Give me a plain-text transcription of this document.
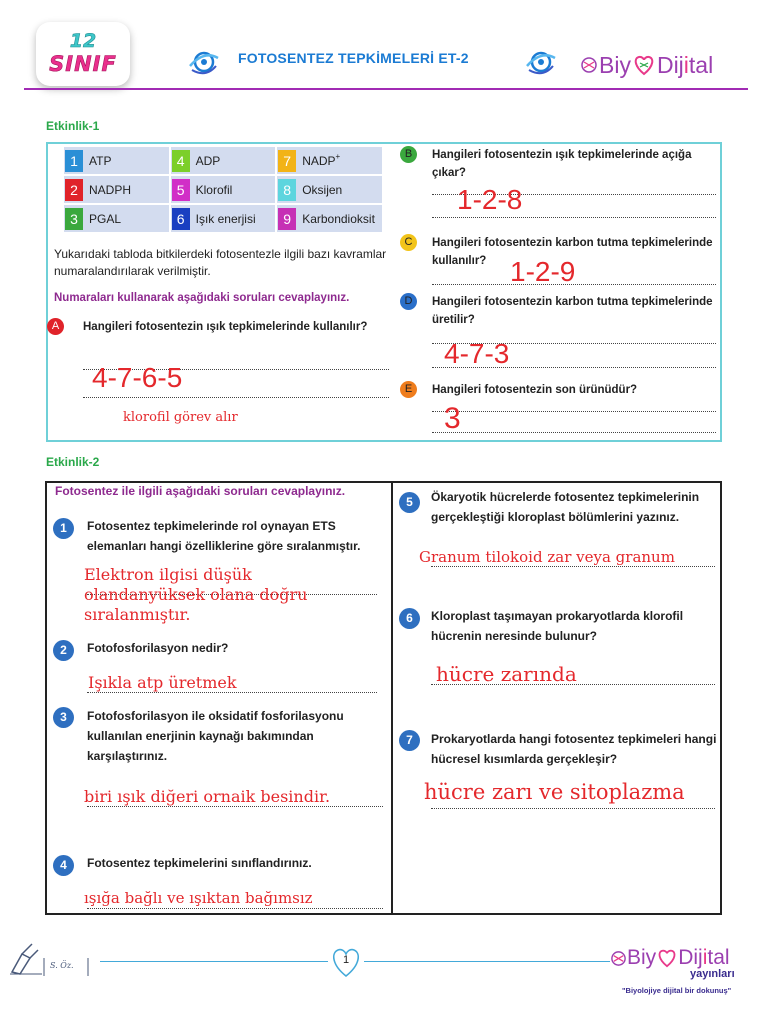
12
SINIF	FOTOSENTEZ TEPKİMELERİ ET-2	Biy Dijital
Etkinlik-1
1 ATP	4 ADP	7 NADP+
2 NADPH	5 Klorofil	8 Oksijen
3 PGAL	6 Işık enerjisi	9 Karbondioksit
Yukarıdaki tabloda bitkilerdeki fotosentezle ilgili bazı kavramlar numaralandırılarak verilmiştir.
Numaraları kullanarak aşağıdaki soruları cevaplayınız.
A	Hangileri fotosentezin ışık tepkimelerinde kullanılır?
4-7-6-5
klorofil görev alır
B	Hangileri fotosentezin ışık tepkimelerinde açığa çıkar?
1-2-8
C	Hangileri fotosentezin karbon tutma tepkimelerinde kullanılır? 1-2-9
D	Hangileri fotosentezin karbon tutma tepkimelerinde üretilir?
4-7-3
E	Hangileri fotosentezin son ürünüdür?
3
Etkinlik-2
Fotosentez ile ilgili aşağıdaki soruları cevaplayınız.
1	Fotosentez tepkimelerinde rol oynayan ETS elemanları hangi özelliklerine göre sıralanmıştır.
Elektron ilgisi düşük
olandanyüksek olana doğru
sıralanmıştır.
2	Fotofosforilasyon nedir?
Işıkla atp üretmek
3	Fotofosforilasyon ile oksidatif fosforilasyonu kullanılan enerjinin kaynağı bakımından karşılaştırınız.
biri ışık diğeri ornaik besindir.
4	Fotosentez tepkimelerini sınıflandırınız.
ışığa bağlı ve ışıktan bağımsız
5	Ökaryotik hücrelerde fotosentez tepkimelerinin gerçekleştiği kloroplast bölümlerini yazınız.
Granum tilokoid zar veya granum
6	Kloroplast taşımayan prokaryotlarda klorofil hücrenin neresinde bulunur?
hücre zarında
7	Prokaryotlarda hangi fotosentez tepkimeleri hangi hücresel kısımlarda gerçekleşir?
hücre zarı ve sitoplazma
S. Öz.	1	Biy Dijital
yayınları
"Biyolojiye dijital bir dokunuş"
